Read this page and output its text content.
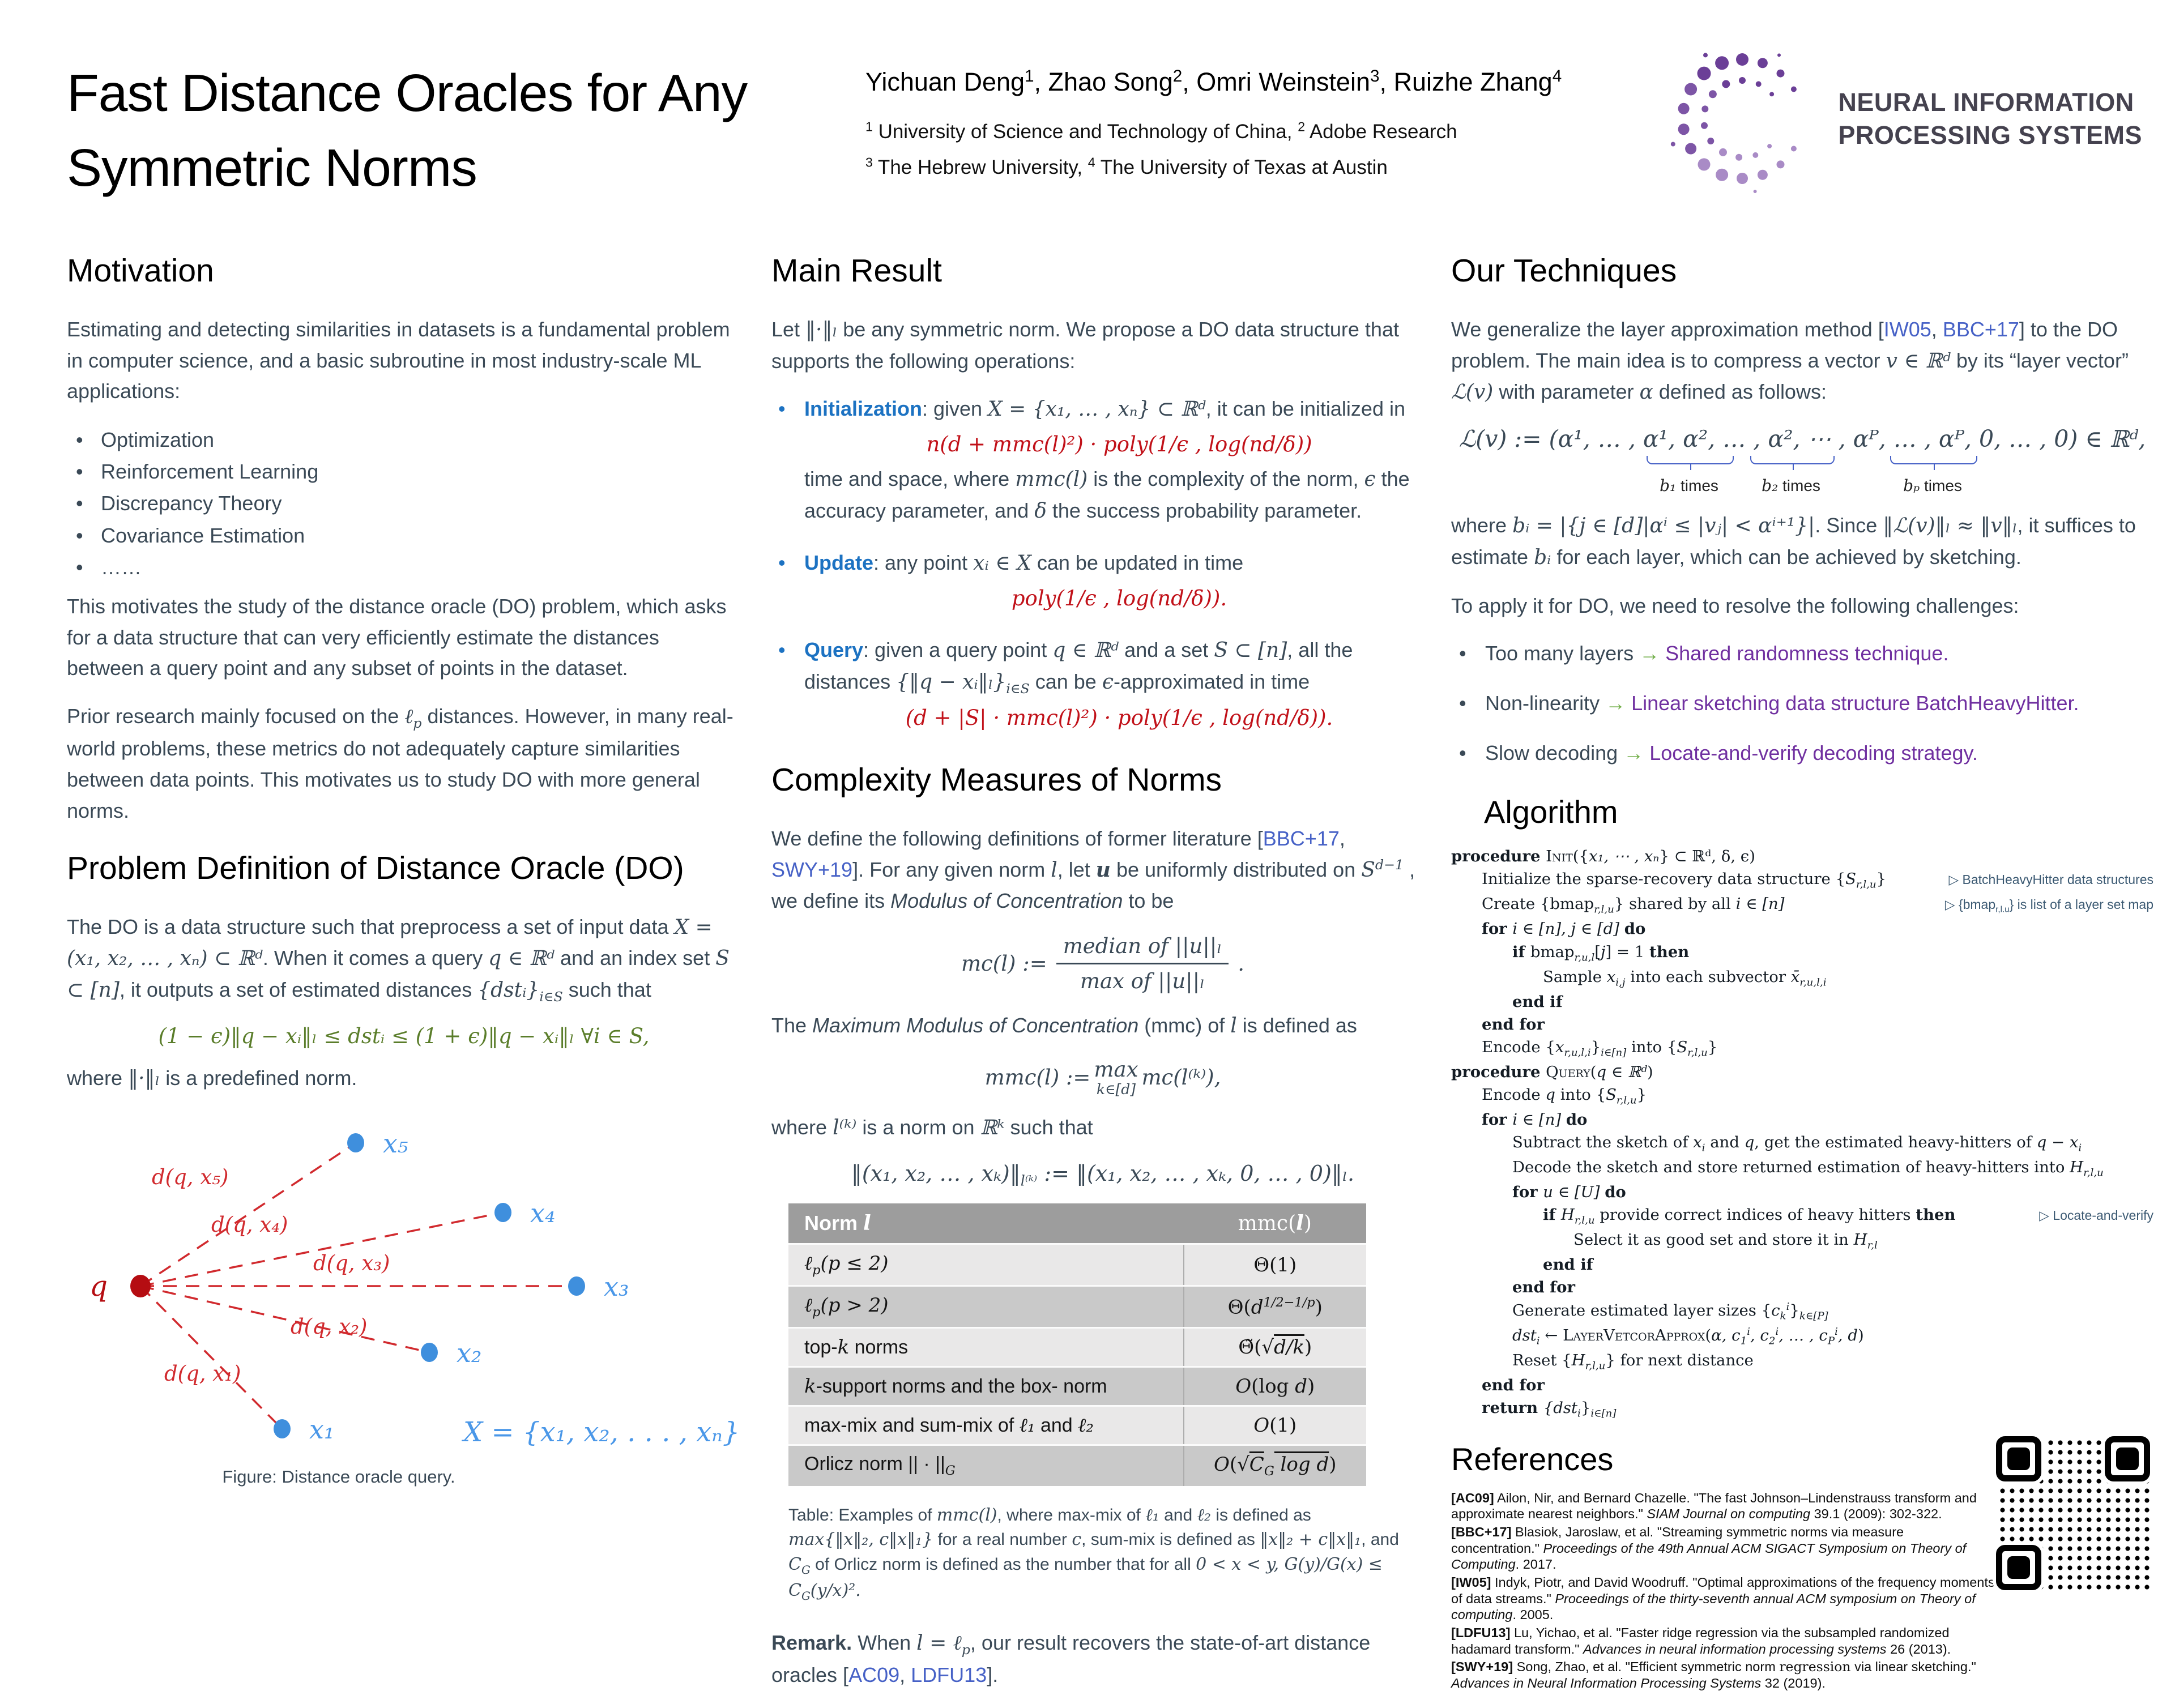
Fast Distance Oracles for Any
Symmetric Norms
Yichuan Deng$^1$, Zhao Song$^2$, Omri Weinstein$^3$, Ruizhe Zhang$^4$
$^1$ University of Science and Technology of China, $^2$ Adobe Research
$^3$ The Hebrew University, $^4$ The University of Texas at Austin
NEURAL INFORMATION
PROCESSING SYSTEMS
Motivation

Estimating and detecting similarities in datasets is a fundamental problem in computer science, and a basic subroutine in most industry-scale ML applications:

• Optimization
• Reinforcement Learning
• Discrepancy Theory
• Covariance Estimation
• ……

This motivates the study of the distance oracle (DO) problem, which asks for a data structure that can very efficiently estimate the distances between a query point and any subset of points in the dataset.

Prior research mainly focused on the ℓ$_p$ distances. However, in many real-world problems, these metrics do not adequately capture similarities between data points. This motivates us to study DO with more general norms.

Problem Definition of Distance Oracle (DO)

The DO is a data structure such that preprocess a set of input data X = (x₁, x₂, … , xₙ) ⊂ ℝᵈ. When it comes a query q ∈ ℝᵈ and an index set S ⊂ [n], it outputs a set of estimated distances $\{dstᵢ\}_{i\in S}$ such that

(1 − ϵ)‖q − xᵢ‖ₗ ≤ dstᵢ ≤ (1 + ϵ)‖q − xᵢ‖ₗ ∀i ∈ S,

where ‖·‖ₗ is a predefined norm.

x₅
x₄
x₃
x₂
x₁
q
d(q, x₅)
d(q, x₄)
d(q, x₃)
d(q, x₂)
d(q, x₁)
X = {x₁, x₂, . . . , xₙ}
Figure: Distance oracle query.
Main Result

Let ‖·‖ₗ be any symmetric norm. We propose a DO data structure that supports the following operations:

• Initialization: given X = {x₁, … , xₙ} ⊂ ℝᵈ, it can be initialized in
n(d + mmc(l)²) · poly(1/ϵ , log(nd/δ))
time and space, where mmc(l) is the complexity of the norm, ϵ the accuracy parameter, and δ the success probability parameter.
• Update: any point xᵢ ∈ X can be updated in time
poly(1/ϵ , log(nd/δ)).
• Query: given a query point q ∈ ℝᵈ and a set S ⊂ [n], all the distances {‖q − $xᵢ‖_l\}_{i\in S}$ can be ϵ-approximated in time
(d + |S| · mmc(l)²) · poly(1/ϵ , log(nd/δ)).
Complexity Measures of Norms

We define the following definitions of former literature [BBC+17, SWY+19]. For any given norm l, let u be uniformly distributed on $S^{d-1}$ , we define its Modulus of Concentration to be

mc(l) := $\frac{\text{median of ||u||ₗ}}{\text{max of ||u||ₗ}}$ .

The Maximum Modulus of Concentration (mmc) of l is defined as

mmc(l) := max
k∈[d] mc(l⁽ᵏ⁾),

where l⁽ᵏ⁾ is a norm on ℝᵏ such that

‖(x₁, x₂, … , $x_k)‖_{l^(ᵏ^)}$ := ‖(x₁, x₂, … , xₖ, 0, … , 0)‖ₗ.
Norm l	mmc(l)
ℓ$_p$(p ≤ 2)	Θ(1)
ℓ$_p$(p > 2)	$\Theta(d^{1/2-1/p})$
top-k norms	Θ̃(√d/k)
k-support norms and the box- norm	O(log d)
max-mix and sum-mix of ℓ₁ and ℓ₂	O(1)
Orlicz norm || · $||_G$	$O(√C_G$ log d)
Table: Examples of mmc(l), where max-mix of ℓ₁ and ℓ₂ is defined as max{‖x‖₂, c‖x‖₁} for a real number c, sum-mix is defined as ‖x‖₂ + c‖x‖₁, and $C_G$ of Orlicz norm is defined as the number that for all 0 < x < y, $G(y)/G(x) \le C_G(y/x)^2$.

Remark. When l = ℓ$_p$, our result recovers the state-of-art distance oracles [AC09, LDFU13].

Our Techniques

We generalize the layer approximation method [IW05, BBC+17] to the DO problem. The main idea is to compress a vector v ∈ ℝᵈ by its “layer vector” ℒ(v) with parameter α defined as follows:

ℒ(v) := (α¹, … , α¹, α², … , α², ⋯ , αᴾ, … , αᴾ, 0, … , 0) ∈ ℝᵈ,
b₁ times	b₂ times	bₚ times

where bᵢ = |{j ∈ [d]|αⁱ ≤ |vⱼ| < αⁱ⁺¹}|. Since ‖ℒ(v)‖ₗ ≈ ‖v‖ₗ, it suffices to estimate bᵢ for each layer, which can be achieved by sketching.

To apply it for DO, we need to resolve the following challenges:

• Too many layers → Shared randomness technique.
• Non-linearity → Linear sketching data structure BatchHeavyHitter.
• Slow decoding → Locate-and-verify decoding strategy.
Algorithm
procedure Init({x₁, ⋯ , xₙ} ⊂ ℝᵈ, δ, ϵ)
Initialize the sparse-recovery data structure $\{S_{r,l,u}\}$	▷ BatchHeavyHitter data structures
Create {bmap$_{r,l,u}$} shared by all i ∈ [n]	▷ {bmap$_{r,l.u}$} is list of a layer set map
for i ∈ [n], j ∈ [d] do
if bmap$_{r,u,l}$[j] = 1 then
Sample $x_{i,j}$ into each subvector $x̄_{r,u,l,i}$
end if
end for
Encode $\{x_{r,u,l,i}\}_{i\in[n]}$ into $\{S_{r,l,u}\}$
procedure Query(q ∈ ℝᵈ)
Encode q into $\{S_{r,l,u}\}$
for i ∈ [n] do
Subtract the sketch of $x_i$ and q, get the estimated heavy-hitters of $q - x_i$
Decode the sketch and store returned estimation of heavy-hitters into $H_{r,l,u}$
for u ∈ [U] do
if $H_{r,l,u}$ provide correct indices of heavy hitters then	▷ Locate-and-verify
Select it as good set and store it in $H_{r,l}$
end if
end for
Generate estimated layer sizes $\{c_k^i\}_{k\in[P]}$
dst$_i$ ← LayerVetcorApprox(α, $c_1^i$, $c_2^i$, … , $c_P^i$, d)
Reset $\{H_{r,l,u}\}$ for next distance
end for
return $\{dst_i\}_{i\in[n]}$
References
[AC09] Ailon, Nir, and Bernard Chazelle. "The fast Johnson–Lindenstrauss transform and approximate nearest neighbors." SIAM Journal on computing 39.1 (2009): 302-322.
[BBC+17] Blasiok, Jaroslaw, et al. "Streaming symmetric norms via measure concentration." Proceedings of the 49th Annual ACM SIGACT Symposium on Theory of Computing. 2017.
[IW05] Indyk, Piotr, and David Woodruff. "Optimal approximations of the frequency moments of data streams." Proceedings of the thirty-seventh annual ACM symposium on Theory of computing. 2005.
[LDFU13] Lu, Yichao, et al. "Faster ridge regression via the subsampled randomized hadamard transform." Advances in neural information processing systems 26 (2013).
[SWY+19] Song, Zhao, et al. "Efficient symmetric norm regression via linear sketching." Advances in Neural Information Processing Systems 32 (2019).
